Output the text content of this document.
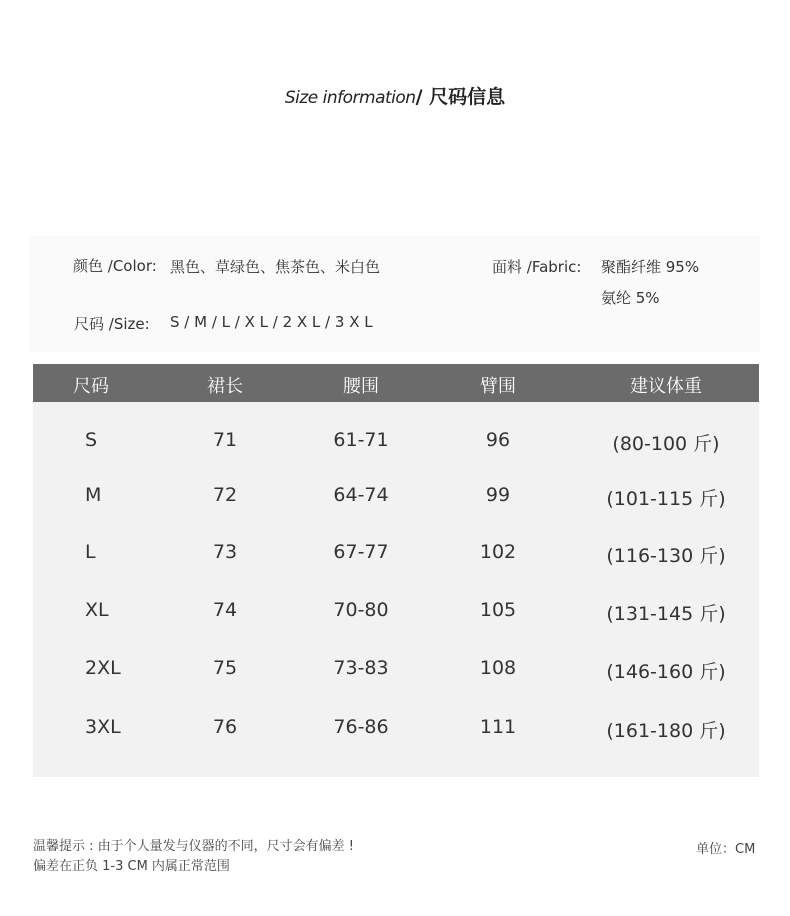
Size information/ 尺码信息
颜色 /Color: 黑色、草绿色、焦茶色、米白色	面料 /Fabric: 聚酯纤维 95%
氨纶 5%
尺码 /Size: S / M / L / X L / 2 X L / 3 X L
尺码	裙长	腰围	臂围	建议体重
S	71	61-71	96	(80-100 斤)
M	72	64-74	99	(101-115 斤)
L	73	67-77	102	(116-130 斤)
XL	74	70-80	105	(131-145 斤)
2XL	75	73-83	108	(146-160 斤)
3XL	76	76-86	111	(161-180 斤)
温馨提示 : 由于个人量发与仪器的不同，尺寸会有偏差 !
偏差在正负 1-3 CM 内属正常范围
单位：CM
